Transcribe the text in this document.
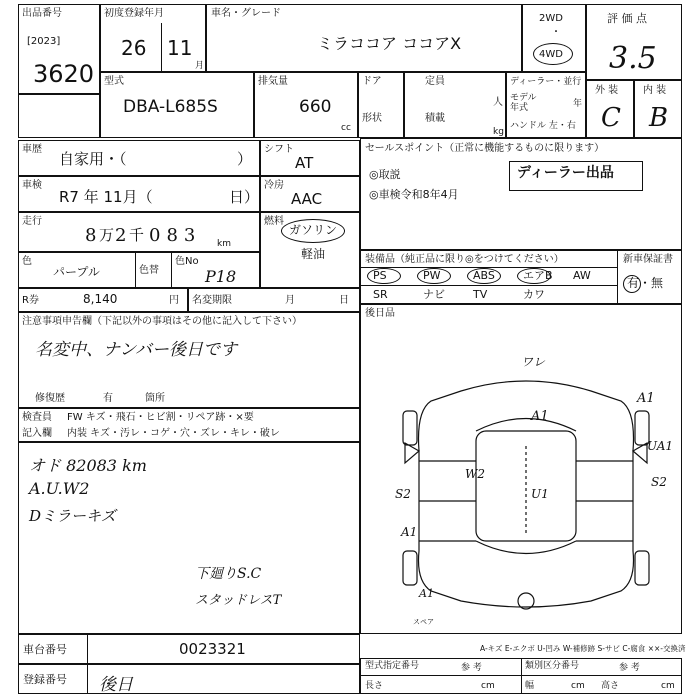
出品番号
[2023]
3620
初度登録年月
26 11
月
車名・グレード
ミラココア ココアX
2WD
・
4WD
評 価 点
3.5
型式
DBA-L685S
排気量
660
cc
ドア
形状
定員
人
積載
kg
ディーラー・並行
モデル
年式	年
ハンドル 左・右
外 装
C
内 装
B
車歴
自家用・（	）
車検
R7 年 11月（	日）
走行
8 万 2 千 083 km
色
パープル	色替
色No
P18
シフト
AT
冷房
AAC
燃料
ガソリン
軽油
R券	8,140	円 名変期限	月	日
注意事項申告欄（下記以外の事項はその他に記入して下さい）
名変中、ナンバー後日です
修復歴	有	箇所
検査員
記入欄
FW キズ・飛石・ヒビ割・リペア跡・×要
内装 キズ・汚レ・コゲ・穴・ズレ・キレ・破レ
オド 82083 km
A.U.W2
Dミラーキズ
下廻りS.C
スタッドレスT
セールスポイント（正常に機能するものに限ります）
◎取説
◎車検令和8年4月
ディーラー出品
装備品（純正品に限り◎をつけてください）	新車保証書
有・無
PS	PW	ABS	エアB AW
SR	ナビ	TV	カワ
後日品
ワレ
A1
A1
UA1
S2
S2
A1
W2
U1
A1
スペア
車台番号	0023321
登録番号 後日
A-キズ E-エクボ U-凹み W-補修跡 S-サビ C-腐食 ××-交換済
型式指定番号	参 考	類別区分番号	参 考
長さ	cm	幅	cm 高さ	cm
